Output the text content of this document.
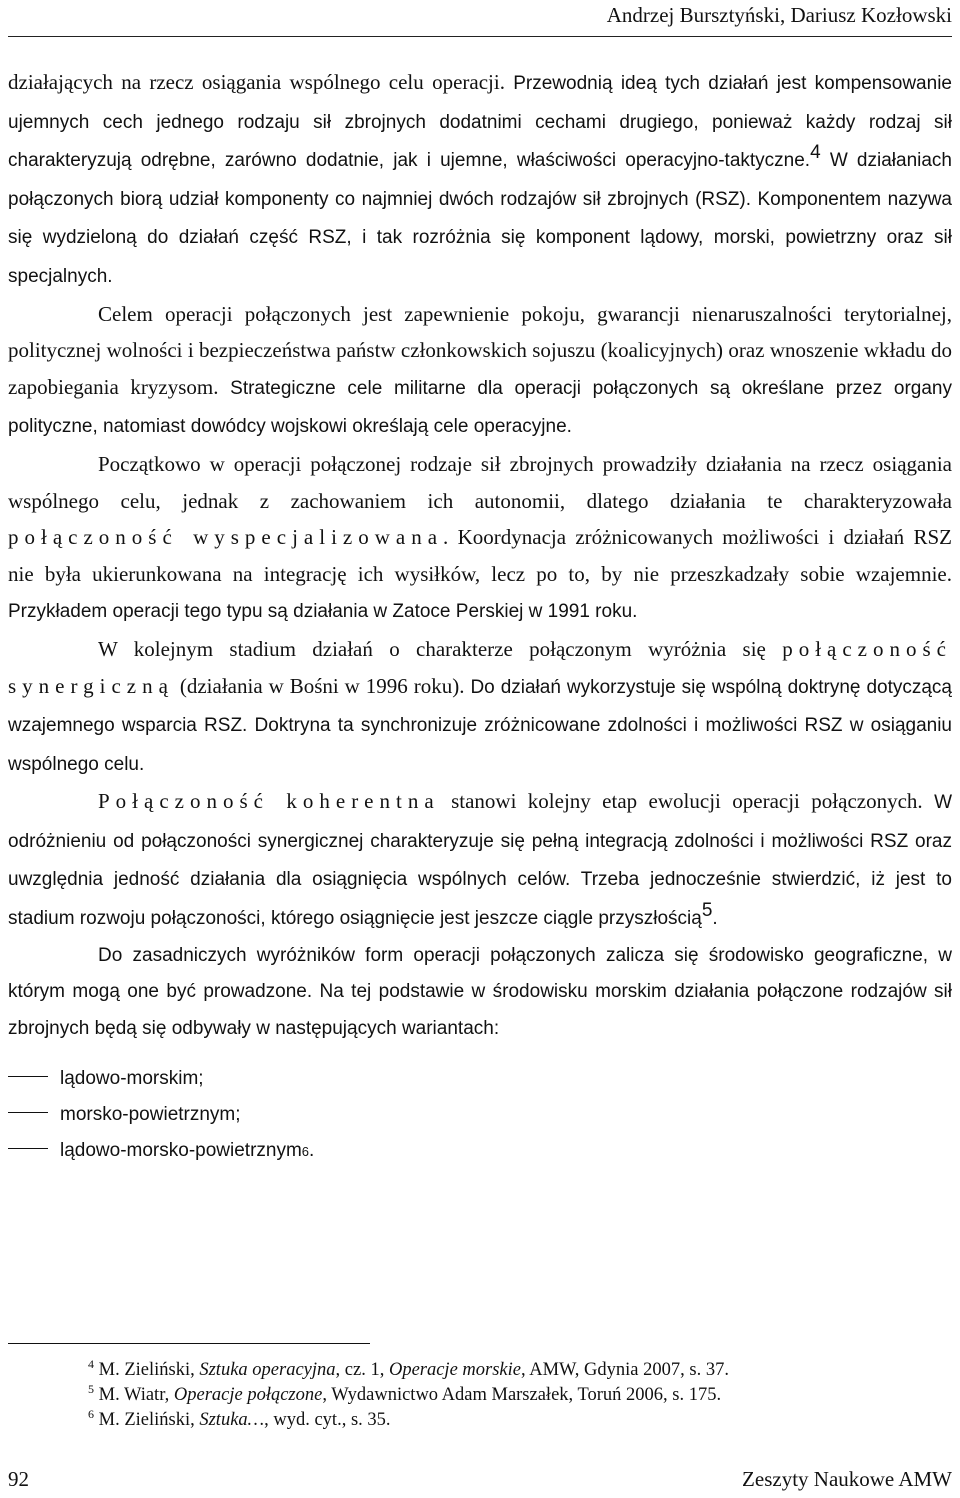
Andrzej Bursztyński, Dariusz Kozłowski

działających na rzecz osiągania wspólnego celu operacji. Przewodnią ideą tych działań jest kompensowanie ujemnych cech jednego rodzaju sił zbrojnych dodatnimi cechami drugiego, ponieważ każdy rodzaj sił charakteryzują odrębne, zarówno dodatnie, jak i ujemne, właściwości operacyjno-taktyczne.$^4$ W działaniach połączonych biorą udział komponenty co najmniej dwóch rodzajów sił zbrojnych (RSZ). Komponentem nazywa się wydzieloną do działań część RSZ, i tak rozróżnia się komponent lądowy, morski, powietrzny oraz sił specjalnych.

Celem operacji połączonych jest zapewnienie pokoju, gwarancji nienaruszalności terytorialnej, politycznej wolności i bezpieczeństwa państw członkowskich sojuszu (koalicyjnych) oraz wnoszenie wkładu do zapobiegania kryzysom. Strategiczne cele militarne dla operacji połączonych są określane przez organy polityczne, natomiast dowódcy wojskowi określają cele operacyjne.

Początkowo w operacji połączonej rodzaje sił zbrojnych prowadziły działania na rzecz osiągania wspólnego celu, jednak z zachowaniem ich autonomii, dlatego działania te charakteryzowała połączoność wyspecjalizowana. Koordynacja zróżnicowanych możliwości i działań RSZ nie była ukierunkowana na integrację ich wysiłków, lecz po to, by nie przeszkadzały sobie wzajemnie. Przykładem operacji tego typu są działania w Zatoce Perskiej w 1991 roku.

W kolejnym stadium działań o charakterze połączonym wyróżnia się połączoność synergiczną (działania w Bośni w 1996 roku). Do działań wykorzystuje się wspólną doktrynę dotyczącą wzajemnego wsparcia RSZ. Doktryna ta synchronizuje zróżnicowane zdolności i możliwości RSZ w osiąganiu wspólnego celu.

Połączoność koherentna stanowi kolejny etap ewolucji operacji połączonych. W odróżnieniu od połączoności synergicznej charakteryzuje się pełną integracją zdolności i możliwości RSZ oraz uwzględnia jedność działania dla osiągnięcia wspólnych celów. Trzeba jednocześnie stwierdzić, iż jest to stadium rozwoju połączoności, którego osiągnięcie jest jeszcze ciągle przyszłością$^5$.

Do zasadniczych wyróżników form operacji połączonych zalicza się środowisko geograficzne, w którym mogą one być prowadzone. Na tej podstawie w środowisku morskim działania połączone rodzajów sił zbrojnych będą się odbywały w następujących wariantach:

lądowo-morskim;
morsko-powietrznym;
lądowo-morsko-powietrznym 6 .
$^4$ M. Zieliński, Sztuka operacyjna, cz. 1, Operacje morskie, AMW, Gdynia 2007, s. 37.
$^5$ M. Wiatr, Operacje połączone, Wydawnictwo Adam Marszałek, Toruń 2006, s. 175.
$^6$ M. Zieliński, Sztuka…, wyd. cyt., s. 35.
92	Zeszyty Naukowe AMW
